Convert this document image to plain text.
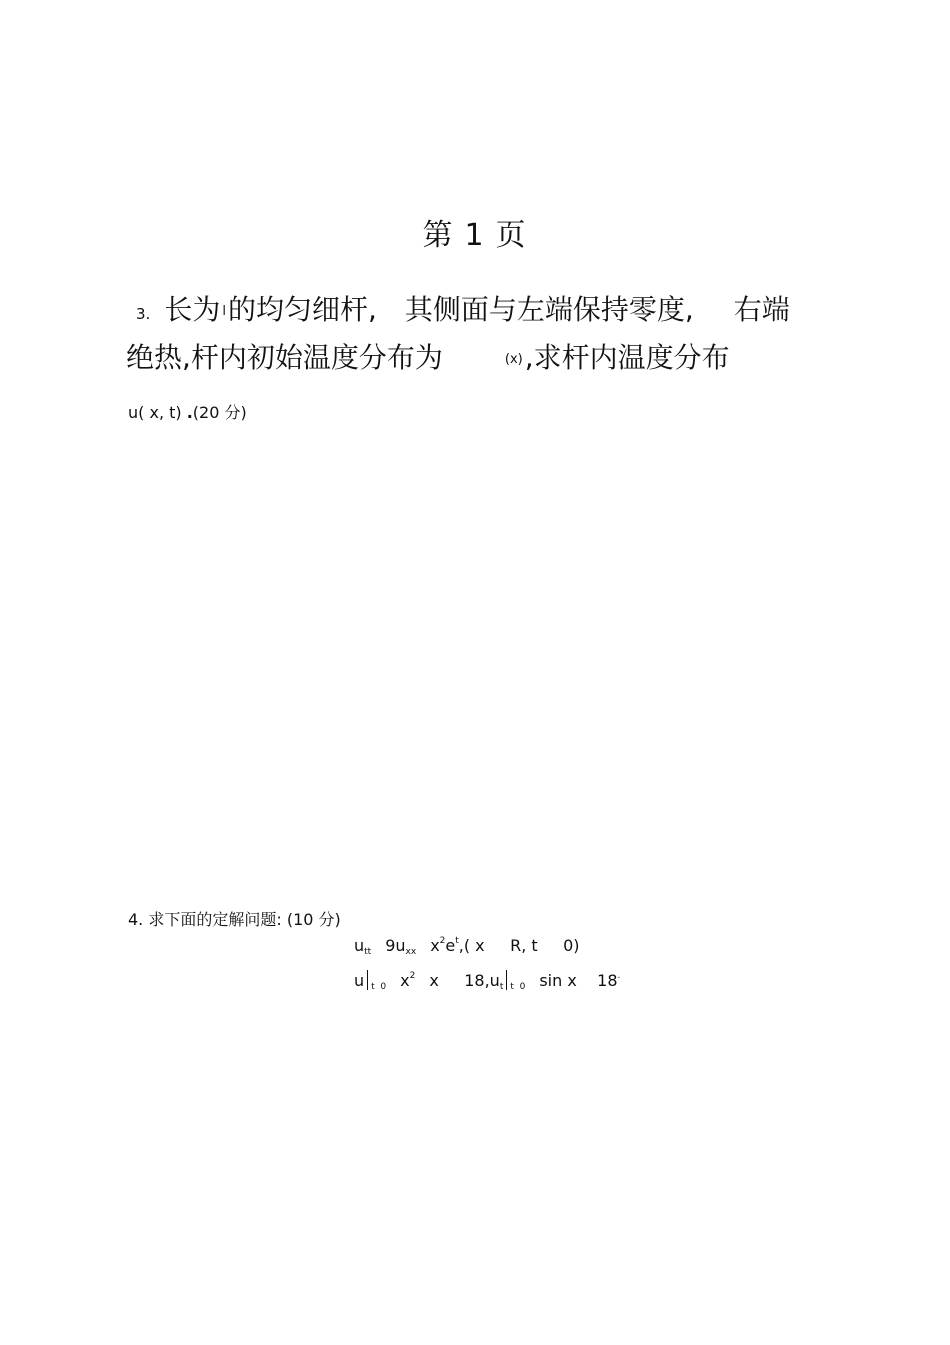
第 1 页
3. 长为 l的均匀细杆, 其侧面与左端保持零度, 右端
绝热,杆内初始温度分布为	(x),求杆内温度分布
u( x, t) .(20 分)
4. 求下面的定解问题: (10 分)
$u_{tt}$ $9u_{xx}$ $x^2e^t$,( x     R, t     0)
u $_{t 0}$ $x^2$ x     $18,u_t$ $_{t 0}$ sin x    18.
